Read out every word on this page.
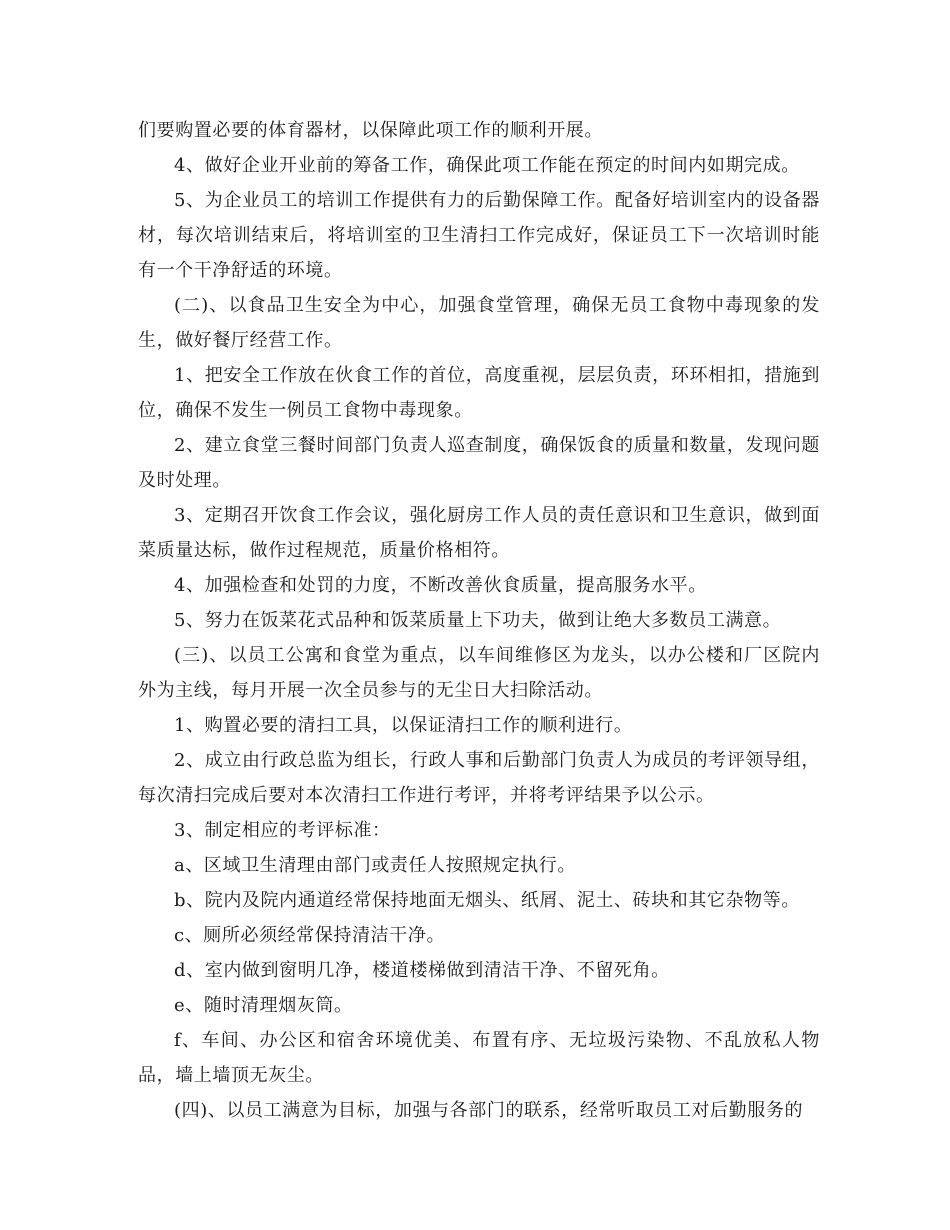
们要购置必要的体育器材，以保障此项工作的顺利开展。

4、做好企业开业前的筹备工作，确保此项工作能在预定的时间内如期完成。

5、为企业员工的培训工作提供有力的后勤保障工作。配备好培训室内的设备器材，每次培训结束后，将培训室的卫生清扫工作完成好，保证员工下一次培训时能有一个干净舒适的环境。

(二)、以食品卫生安全为中心，加强食堂管理，确保无员工食物中毒现象的发生，做好餐厅经营工作。

1、把安全工作放在伙食工作的首位，高度重视，层层负责，环环相扣，措施到位，确保不发生一例员工食物中毒现象。

2、建立食堂三餐时间部门负责人巡查制度，确保饭食的质量和数量，发现问题及时处理。

3、定期召开饮食工作会议，强化厨房工作人员的责任意识和卫生意识，做到面菜质量达标，做作过程规范，质量价格相符。

4、加强检查和处罚的力度，不断改善伙食质量，提高服务水平。

5、努力在饭菜花式品种和饭菜质量上下功夫，做到让绝大多数员工满意。

(三)、以员工公寓和食堂为重点，以车间维修区为龙头，以办公楼和厂区院内外为主线，每月开展一次全员参与的无尘日大扫除活动。

1、购置必要的清扫工具，以保证清扫工作的顺利进行。

2、成立由行政总监为组长，行政人事和后勤部门负责人为成员的考评领导组，每次清扫完成后要对本次清扫工作进行考评，并将考评结果予以公示。

3、制定相应的考评标准：

a、区域卫生清理由部门或责任人按照规定执行。

b、院内及院内通道经常保持地面无烟头、纸屑、泥土、砖块和其它杂物等。

c、厕所必须经常保持清洁干净。

d、室内做到窗明几净，楼道楼梯做到清洁干净、不留死角。

e、随时清理烟灰筒。

f、车间、办公区和宿舍环境优美、布置有序、无垃圾污染物、不乱放私人物品，墙上墙顶无灰尘。

(四)、以员工满意为目标，加强与各部门的联系，经常听取员工对后勤服务的
